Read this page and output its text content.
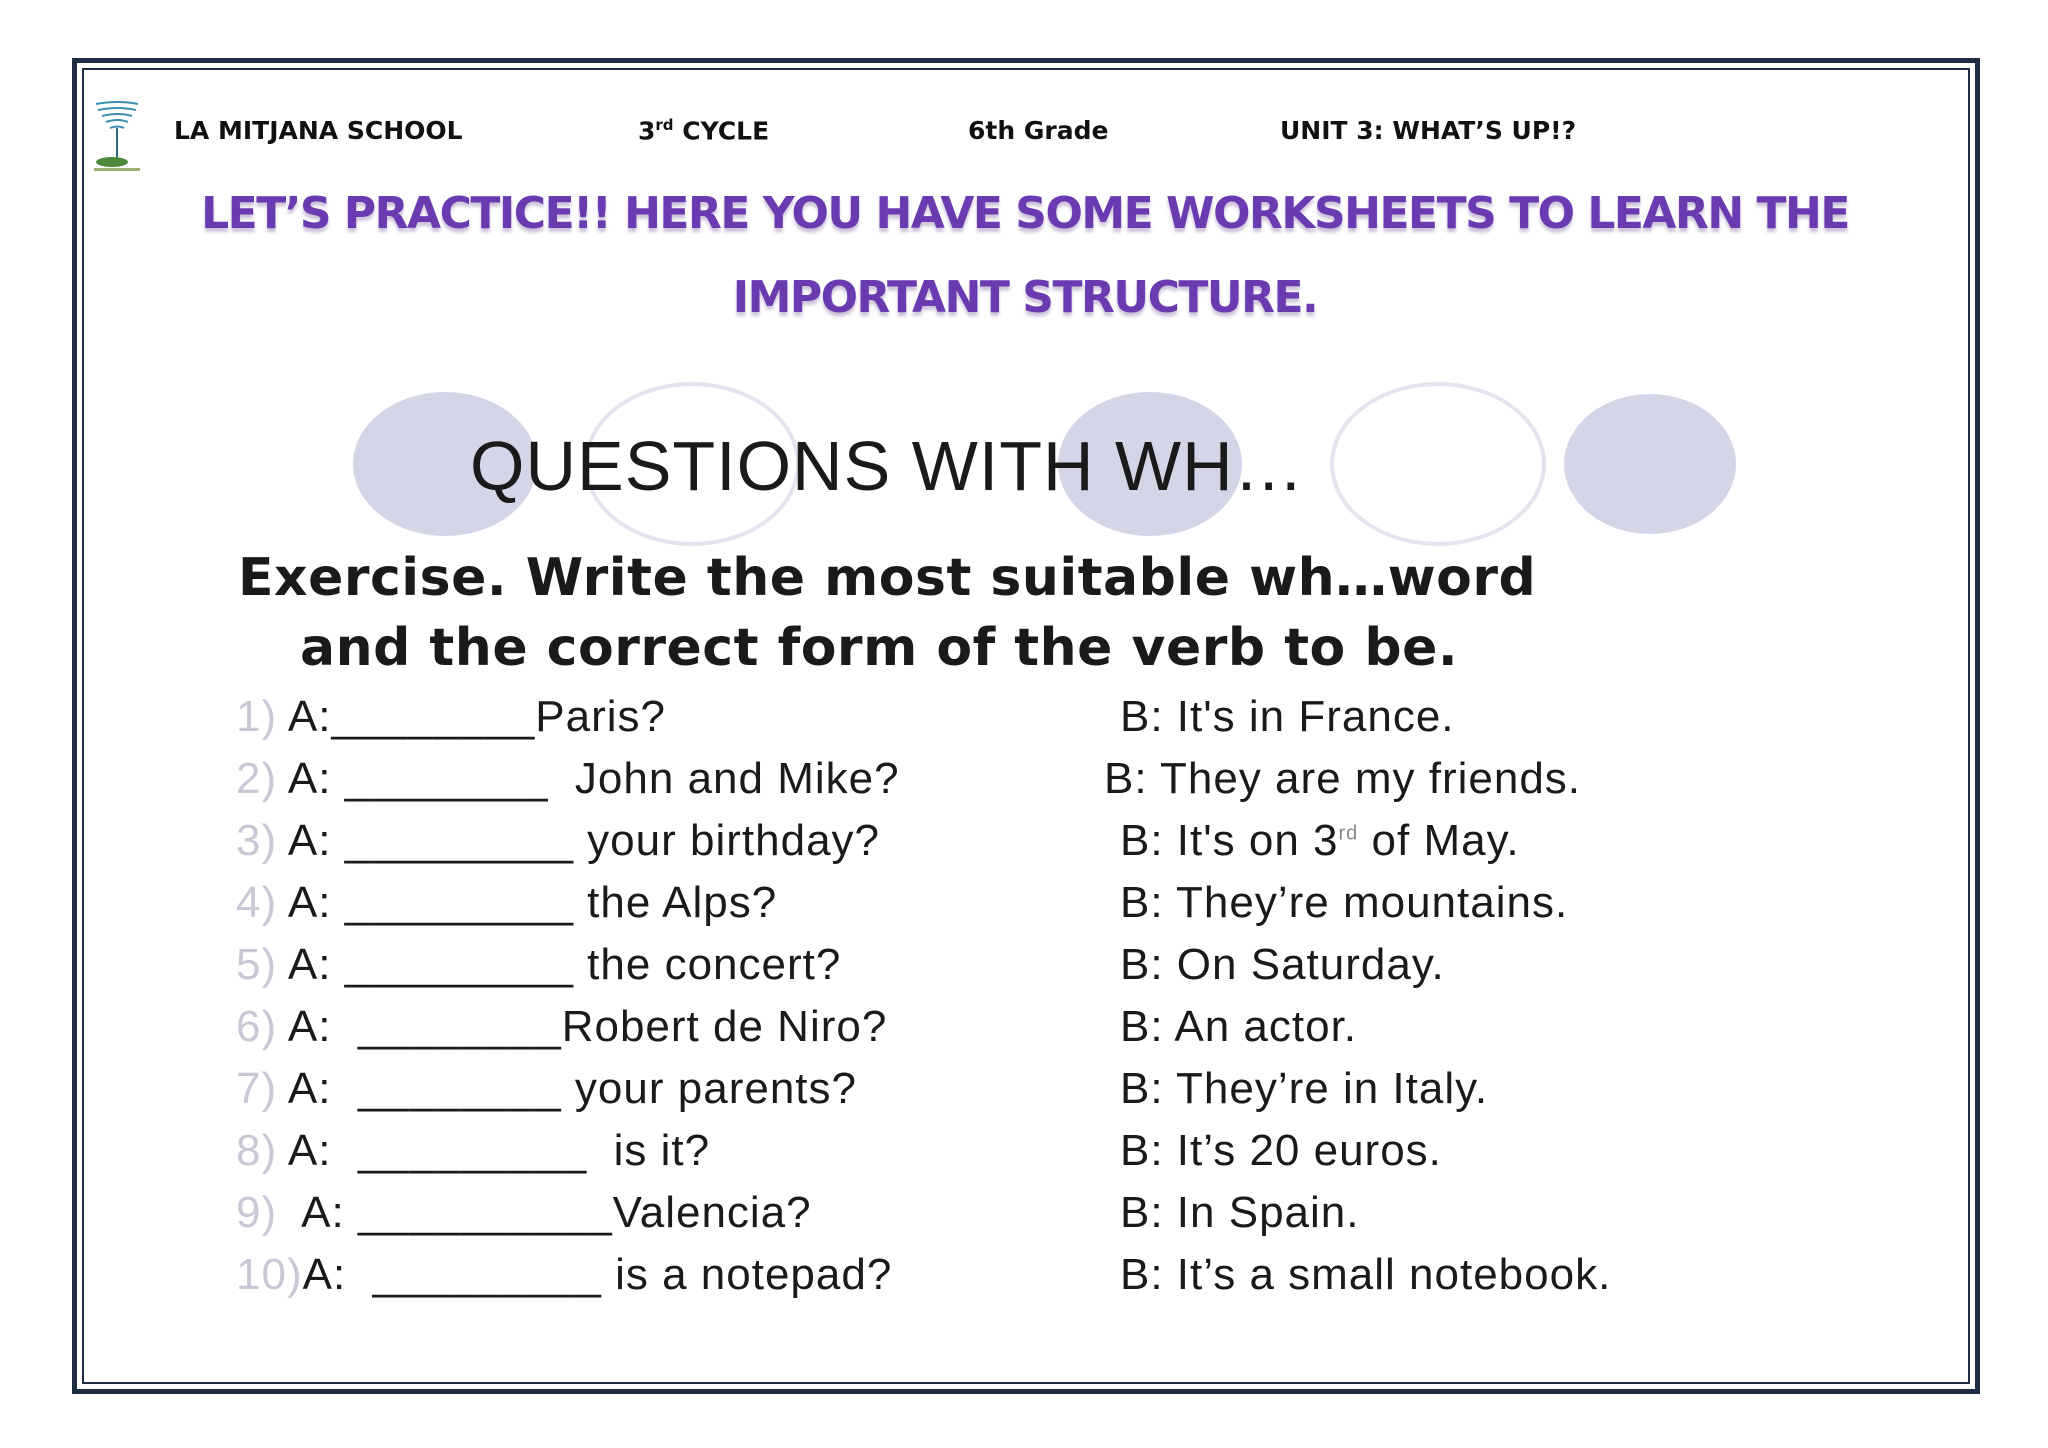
LA MITJANA SCHOOL	3rd CYCLE	6th Grade	UNIT 3: WHAT’S UP!?
LET’S PRACTICE!! HERE YOU HAVE SOME WORKSHEETS TO LEARN THE
IMPORTANT STRUCTURE.
QUESTIONS WITH WH…
Exercise. Write the most suitable wh…word
and the correct form of the verb to be.
1) A:________Paris?	B: It's in France.
2) A: ________  John and Mike?	B: They are my friends.
3) A: _________ your birthday?	B: It's on 3rd of May.
4) A: _________ the Alps?	B: They’re mountains.
5) A: _________ the concert?	B: On Saturday.
6) A:  ________Robert de Niro?	B: An actor.
7) A:  ________ your parents?	B: They’re in Italy.
8) A:  _________  is it?	B: It’s 20 euros.
9)  A: __________Valencia?	B: In Spain.
10)A:  _________ is a notepad?	B: It’s a small notebook.
